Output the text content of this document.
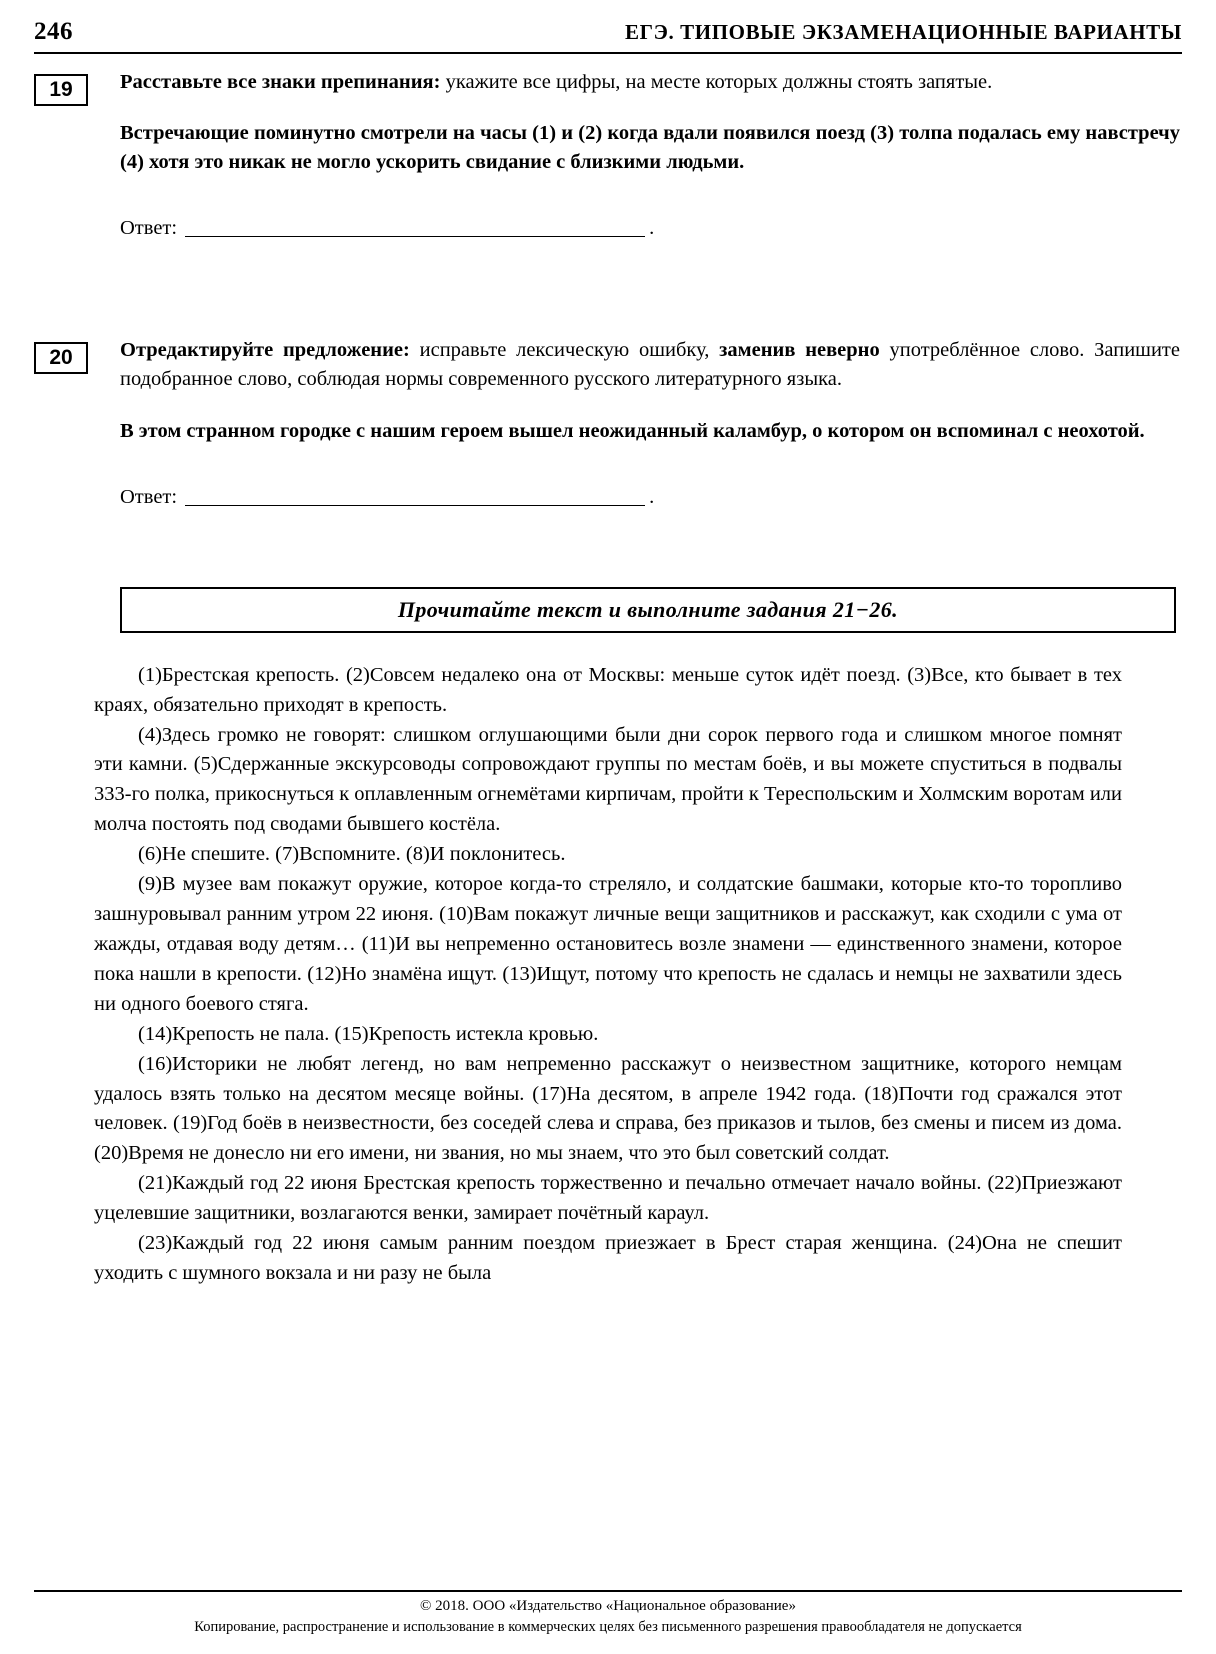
246	ЕГЭ. ТИПОВЫЕ ЭКЗАМЕНАЦИОННЫЕ ВАРИАНТЫ
19	Расставьте все знаки препинания: укажите все цифры, на месте которых должны стоять запятые.

Встречающие поминутно смотрели на часы (1) и (2) когда вдали появился поезд (3) толпа подалась ему навстречу (4) хотя это никак не могло ускорить свидание с близкими людьми.

Ответ:	.
20	Отредактируйте предложение: исправьте лексическую ошибку, заменив неверно употреблённое слово. Запишите подобранное слово, соблюдая нормы современного русского литературного языка.

В этом странном городке с нашим героем вышел неожиданный каламбур, о котором он вспоминал с неохотой.

Ответ:	.
Прочитайте текст и выполните задания 21−26.

(1)Брестская крепость. (2)Совсем недалеко она от Москвы: меньше суток идёт поезд. (3)Все, кто бывает в тех краях, обязательно приходят в крепость.

(4)Здесь громко не говорят: слишком оглушающими были дни сорок первого года и слишком многое помнят эти камни. (5)Сдержанные экскурсоводы сопровождают группы по местам боёв, и вы можете спуститься в подвалы 333-го полка, прикоснуться к оплавленным огнемётами кирпичам, пройти к Тереспольским и Холмским воротам или молча постоять под сводами бывшего костёла.

(6)Не спешите. (7)Вспомните. (8)И поклонитесь.

(9)В музее вам покажут оружие, которое когда-то стреляло, и солдатские башмаки, которые кто-то торопливо зашнуровывал ранним утром 22 июня. (10)Вам покажут личные вещи защитников и расскажут, как сходили с ума от жажды, отдавая воду детям… (11)И вы непременно остановитесь возле знамени — единственного знамени, которое пока нашли в крепости. (12)Но знамёна ищут. (13)Ищут, потому что крепость не сдалась и немцы не захватили здесь ни одного боевого стяга.

(14)Крепость не пала. (15)Крепость истекла кровью.

(16)Историки не любят легенд, но вам непременно расскажут о неизвестном защитнике, которого немцам удалось взять только на десятом месяце войны. (17)На десятом, в апреле 1942 года. (18)Почти год сражался этот человек. (19)Год боёв в неизвестности, без соседей слева и справа, без приказов и тылов, без смены и писем из дома. (20)Время не донесло ни его имени, ни звания, но мы знаем, что это был советский солдат.

(21)Каждый год 22 июня Брестская крепость торжественно и печально отмечает начало войны. (22)Приезжают уцелевшие защитники, возлагаются венки, замирает почётный караул.

(23)Каждый год 22 июня самым ранним поездом приезжает в Брест старая женщина. (24)Она не спешит уходить с шумного вокзала и ни разу не была

© 2018. ООО «Издательство «Национальное образование»
Копирование, распространение и использование в коммерческих целях без письменного разрешения правообладателя не допускается
